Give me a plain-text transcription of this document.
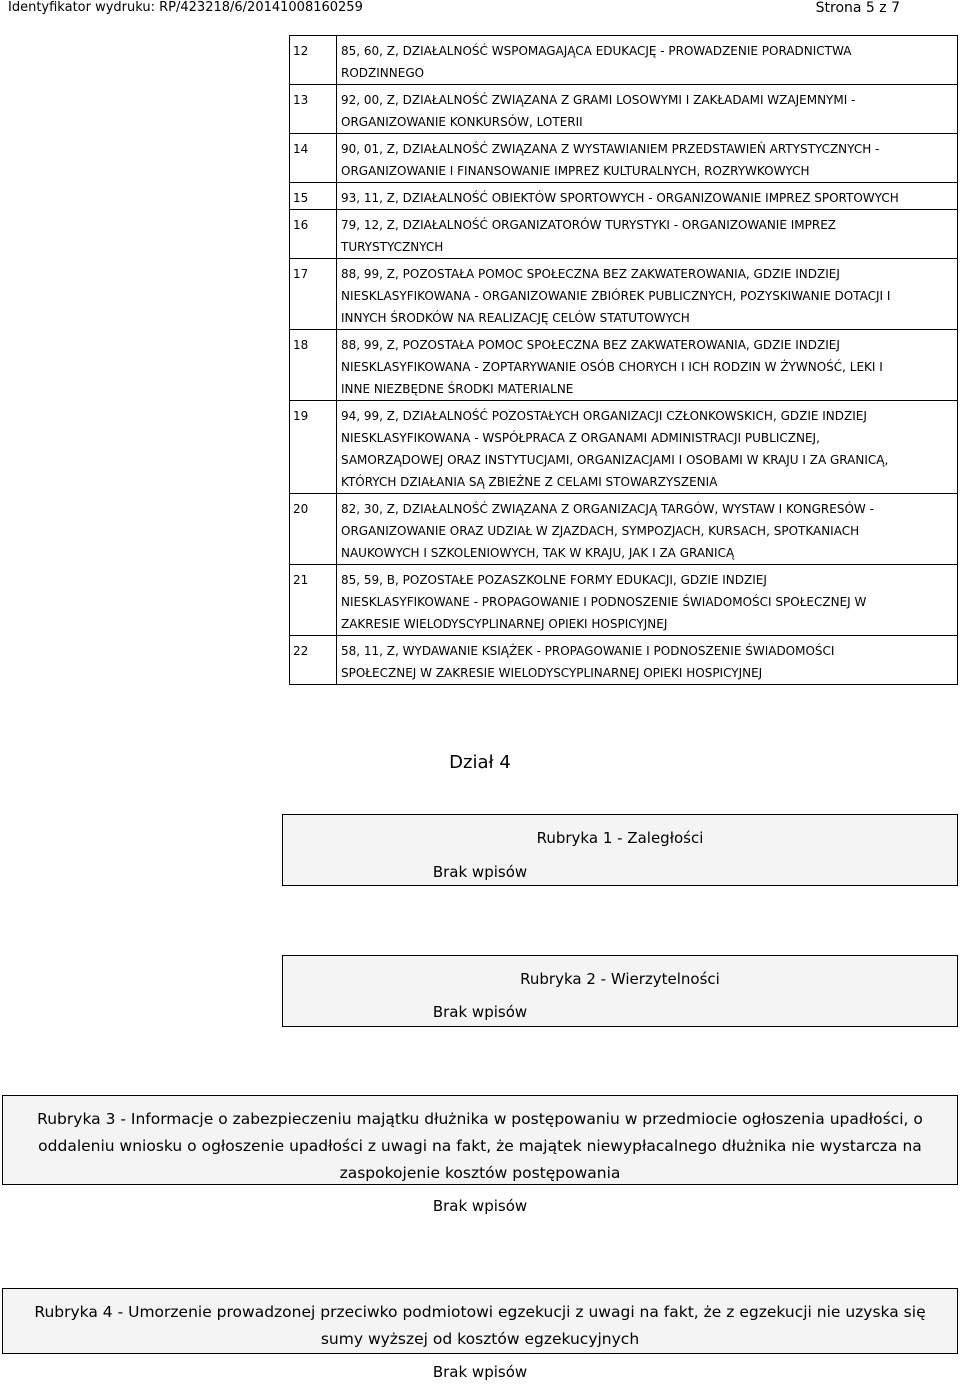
Identyfikator wydruku: RP/423218/6/20141008160259	Strona 5 z 7
12	85, 60, Z, DZIAŁALNOŚĆ WSPOMAGAJĄCA EDUKACJĘ - PROWADZENIE PORADNICTWA
RODZINNEGO

13	92, 00, Z, DZIAŁALNOŚĆ ZWIĄZANA Z GRAMI LOSOWYMI I ZAKŁADAMI WZAJEMNYMI -
ORGANIZOWANIE KONKURSÓW, LOTERII

14	90, 01, Z, DZIAŁALNOŚĆ ZWIĄZANA Z WYSTAWIANIEM PRZEDSTAWIEŃ ARTYSTYCZNYCH -
ORGANIZOWANIE I FINANSOWANIE IMPREZ KULTURALNYCH, ROZRYWKOWYCH

15	93, 11, Z, DZIAŁALNOŚĆ OBIEKTÓW SPORTOWYCH - ORGANIZOWANIE IMPREZ SPORTOWYCH

16	79, 12, Z, DZIAŁALNOŚĆ ORGANIZATORÓW TURYSTYKI - ORGANIZOWANIE IMPREZ
TURYSTYCZNYCH

17	88, 99, Z, POZOSTAŁA POMOC SPOŁECZNA BEZ ZAKWATEROWANIA, GDZIE INDZIEJ
NIESKLASYFIKOWANA - ORGANIZOWANIE ZBIÓREK PUBLICZNYCH, POZYSKIWANIE DOTACJI I
INNYCH ŚRODKÓW NA REALIZACJĘ CELÓW STATUTOWYCH

18	88, 99, Z, POZOSTAŁA POMOC SPOŁECZNA BEZ ZAKWATEROWANIA, GDZIE INDZIEJ
NIESKLASYFIKOWANA - ZOPTARYWANIE OSÓB CHORYCH I ICH RODZIN W ŻYWNOŚĆ, LEKI I
INNE NIEZBĘDNE ŚRODKI MATERIALNE

19	94, 99, Z, DZIAŁALNOŚĆ POZOSTAŁYCH ORGANIZACJI CZŁONKOWSKICH, GDZIE INDZIEJ
NIESKLASYFIKOWANA - WSPÓŁPRACA Z ORGANAMI ADMINISTRACJI PUBLICZNEJ,
SAMORZĄDOWEJ ORAZ INSTYTUCJAMI, ORGANIZACJAMI I OSOBAMI W KRAJU I ZA GRANICĄ,
KTÓRYCH DZIAŁANIA SĄ ZBIEŻNE Z CELAMI STOWARZYSZENIA

20	82, 30, Z, DZIAŁALNOŚĆ ZWIĄZANA Z ORGANIZACJĄ TARGÓW, WYSTAW I KONGRESÓW -
ORGANIZOWANIE ORAZ UDZIAŁ W ZJAZDACH, SYMPOZJACH, KURSACH, SPOTKANIACH
NAUKOWYCH I SZKOLENIOWYCH, TAK W KRAJU, JAK I ZA GRANICĄ

21	85, 59, B, POZOSTAŁE POZASZKOLNE FORMY EDUKACJI, GDZIE INDZIEJ
NIESKLASYFIKOWANE - PROPAGOWANIE I PODNOSZENIE ŚWIADOMOŚCI SPOŁECZNEJ W
ZAKRESIE WIELODYSCYPLINARNEJ OPIEKI HOSPICYJNEJ

22	58, 11, Z, WYDAWANIE KSIĄŻEK - PROPAGOWANIE I PODNOSZENIE ŚWIADOMOŚCI
SPOŁECZNEJ W ZAKRESIE WIELODYSCYPLINARNEJ OPIEKI HOSPICYJNEJ
Dział 4
Rubryka 1 - Zaległości
Brak wpisów
Rubryka 2 - Wierzytelności
Brak wpisów
Rubryka 3 - Informacje o zabezpieczeniu majątku dłużnika w postępowaniu w przedmiocie ogłoszenia upadłości, o
oddaleniu wniosku o ogłoszenie upadłości z uwagi na fakt, że majątek niewypłacalnego dłużnika nie wystarcza na
zaspokojenie kosztów postępowania
Brak wpisów
Rubryka 4 - Umorzenie prowadzonej przeciwko podmiotowi egzekucji z uwagi na fakt, że z egzekucji nie uzyska się
sumy wyższej od kosztów egzekucyjnych
Brak wpisów
